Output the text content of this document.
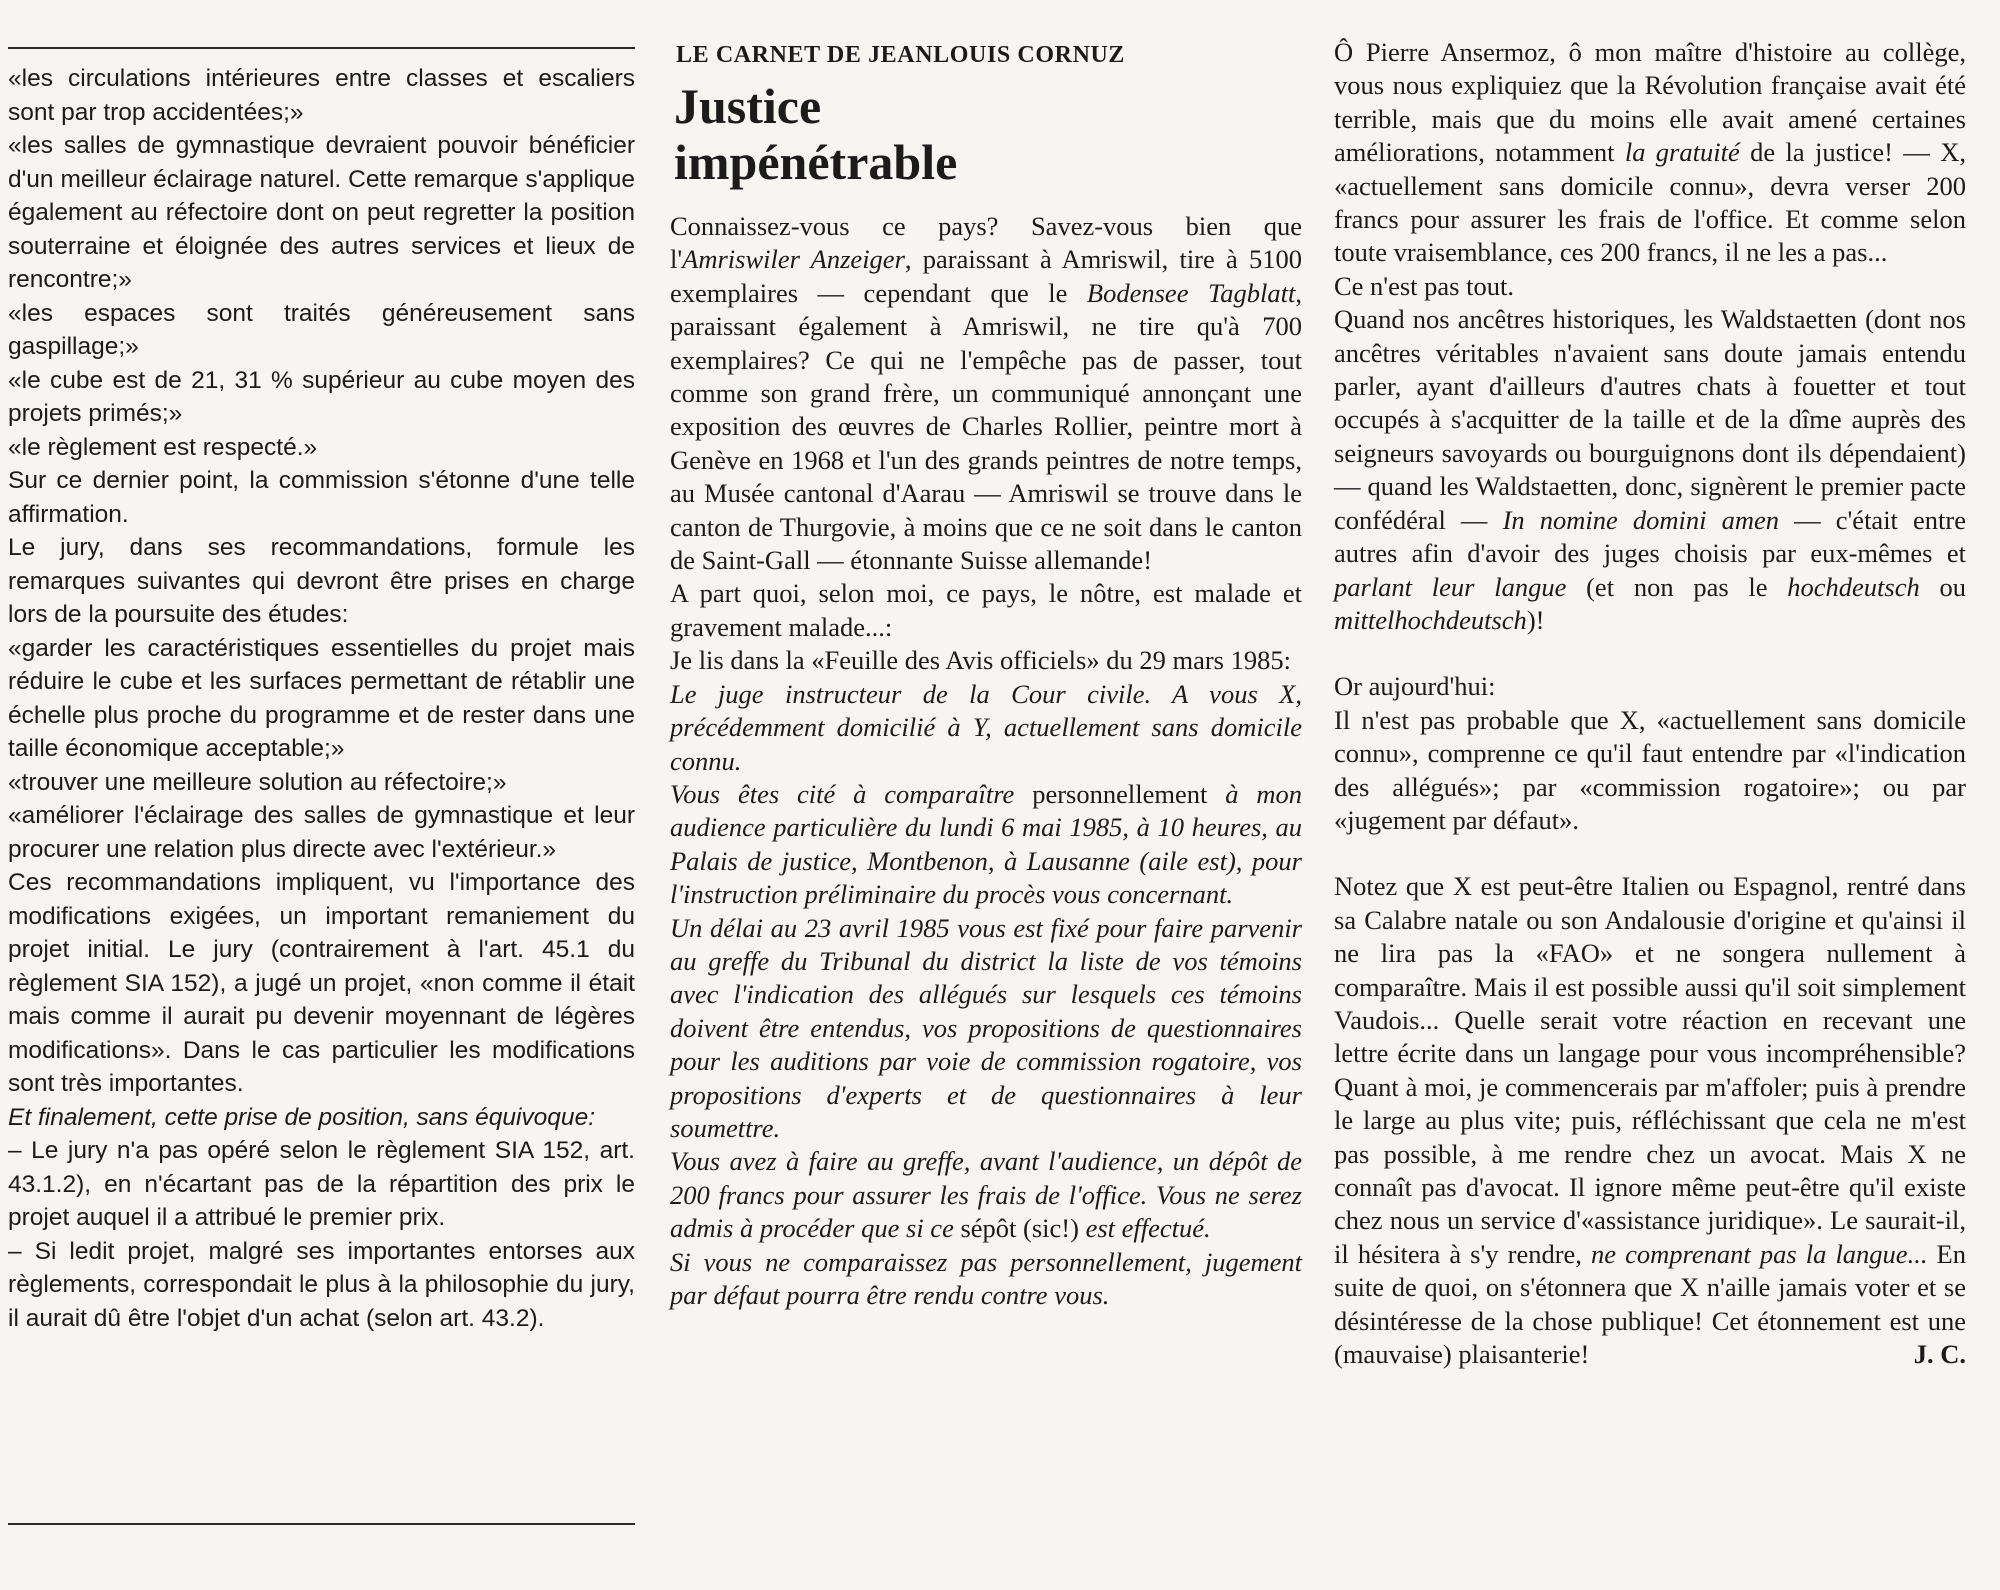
«les circulations intérieures entre classes et escaliers sont par trop accidentées;»

«les salles de gymnastique devraient pouvoir bénéficier d'un meilleur éclairage naturel. Cette remarque s'applique également au réfectoire dont on peut regretter la position souterraine et éloignée des autres services et lieux de rencontre;»

«les espaces sont traités généreusement sans gaspillage;»

«le cube est de 21, 31 % supérieur au cube moyen des projets primés;»

«le règlement est respecté.»

Sur ce dernier point, la commission s'étonne d'une telle affirmation.

Le jury, dans ses recommandations, formule les remarques suivantes qui devront être prises en charge lors de la poursuite des études:

«garder les caractéristiques essentielles du projet mais réduire le cube et les surfaces permettant de rétablir une échelle plus proche du programme et de rester dans une taille économique acceptable;»

«trouver une meilleure solution au réfectoire;»

«améliorer l'éclairage des salles de gymnastique et leur procurer une relation plus directe avec l'extérieur.»

Ces recommandations impliquent, vu l'importance des modifications exigées, un important remaniement du projet initial. Le jury (contrairement à l'art. 45.1 du règlement SIA 152), a jugé un projet, «non comme il était mais comme il aurait pu devenir moyennant de légères modifications». Dans le cas particulier les modifications sont très importantes.

Et finalement, cette prise de position, sans équivoque:

– Le jury n'a pas opéré selon le règlement SIA 152, art. 43.1.2), en n'écartant pas de la répartition des prix le projet auquel il a attribué le premier prix.

– Si ledit projet, malgré ses importantes entorses aux règlements, correspondait le plus à la philosophie du jury, il aurait dû être l'objet d'un achat (selon art. 43.2).

LE CARNET DE JEANLOUIS CORNUZ
Justice
impénétrable

Connaissez-vous ce pays? Savez-vous bien que l'Amriswiler Anzeiger, paraissant à Amriswil, tire à 5100 exemplaires — cependant que le Bodensee Tagblatt, paraissant également à Amriswil, ne tire qu'à 700 exemplaires? Ce qui ne l'empêche pas de passer, tout comme son grand frère, un communiqué annonçant une exposition des œuvres de Charles Rollier, peintre mort à Genève en 1968 et l'un des grands peintres de notre temps, au Musée cantonal d'Aarau — Amriswil se trouve dans le canton de Thurgovie, à moins que ce ne soit dans le canton de Saint-Gall — étonnante Suisse allemande!

A part quoi, selon moi, ce pays, le nôtre, est malade et gravement malade...:

Je lis dans la «Feuille des Avis officiels» du 29 mars 1985:

Le juge instructeur de la Cour civile. A vous X, précédemment domicilié à Y, actuellement sans domicile connu.

Vous êtes cité à comparaître personnellement à mon audience particulière du lundi 6 mai 1985, à 10 heures, au Palais de justice, Montbenon, à Lausanne (aile est), pour l'instruction préliminaire du procès vous concernant.

Un délai au 23 avril 1985 vous est fixé pour faire parvenir au greffe du Tribunal du district la liste de vos témoins avec l'indication des allégués sur lesquels ces témoins doivent être entendus, vos propositions de questionnaires pour les auditions par voie de commission rogatoire, vos propositions d'experts et de questionnaires à leur soumettre.

Vous avez à faire au greffe, avant l'audience, un dépôt de 200 francs pour assurer les frais de l'office. Vous ne serez admis à procéder que si ce sépôt (sic!) est effectué.

Si vous ne comparaissez pas personnellement, jugement par défaut pourra être rendu contre vous.

Ô Pierre Ansermoz, ô mon maître d'histoire au collège, vous nous expliquiez que la Révolution française avait été terrible, mais que du moins elle avait amené certaines améliorations, notamment la gratuité de la justice! — X, «actuellement sans domicile connu», devra verser 200 francs pour assurer les frais de l'office. Et comme selon toute vraisemblance, ces 200 francs, il ne les a pas...

Ce n'est pas tout.

Quand nos ancêtres historiques, les Waldstaetten (dont nos ancêtres véritables n'avaient sans doute jamais entendu parler, ayant d'ailleurs d'autres chats à fouetter et tout occupés à s'acquitter de la taille et de la dîme auprès des seigneurs savoyards ou bourguignons dont ils dépendaient) — quand les Waldstaetten, donc, signèrent le premier pacte confédéral — In nomine domini amen — c'était entre autres afin d'avoir des juges choisis par eux-mêmes et parlant leur langue (et non pas le hochdeutsch ou mittelhochdeutsch)!

Or aujourd'hui:

Il n'est pas probable que X, «actuellement sans domicile connu», comprenne ce qu'il faut entendre par «l'indication des allégués»; par «commission rogatoire»; ou par «jugement par défaut».

Notez que X est peut-être Italien ou Espagnol, rentré dans sa Calabre natale ou son Andalousie d'origine et qu'ainsi il ne lira pas la «FAO» et ne songera nullement à comparaître. Mais il est possible aussi qu'il soit simplement Vaudois... Quelle serait votre réaction en recevant une lettre écrite dans un langage pour vous incompréhensible? Quant à moi, je commencerais par m'affoler; puis à prendre le large au plus vite; puis, réfléchissant que cela ne m'est pas possible, à me rendre chez un avocat. Mais X ne connaît pas d'avocat. Il ignore même peut-être qu'il existe chez nous un service d'«assistance juridique». Le saurait-il, il hésitera à s'y rendre, ne comprenant pas la langue... En suite de quoi, on s'étonnera que X n'aille jamais voter et se désintéresse de la chose publique! Cet étonnement est une (mauvaise) plaisanterie!	J. C.
